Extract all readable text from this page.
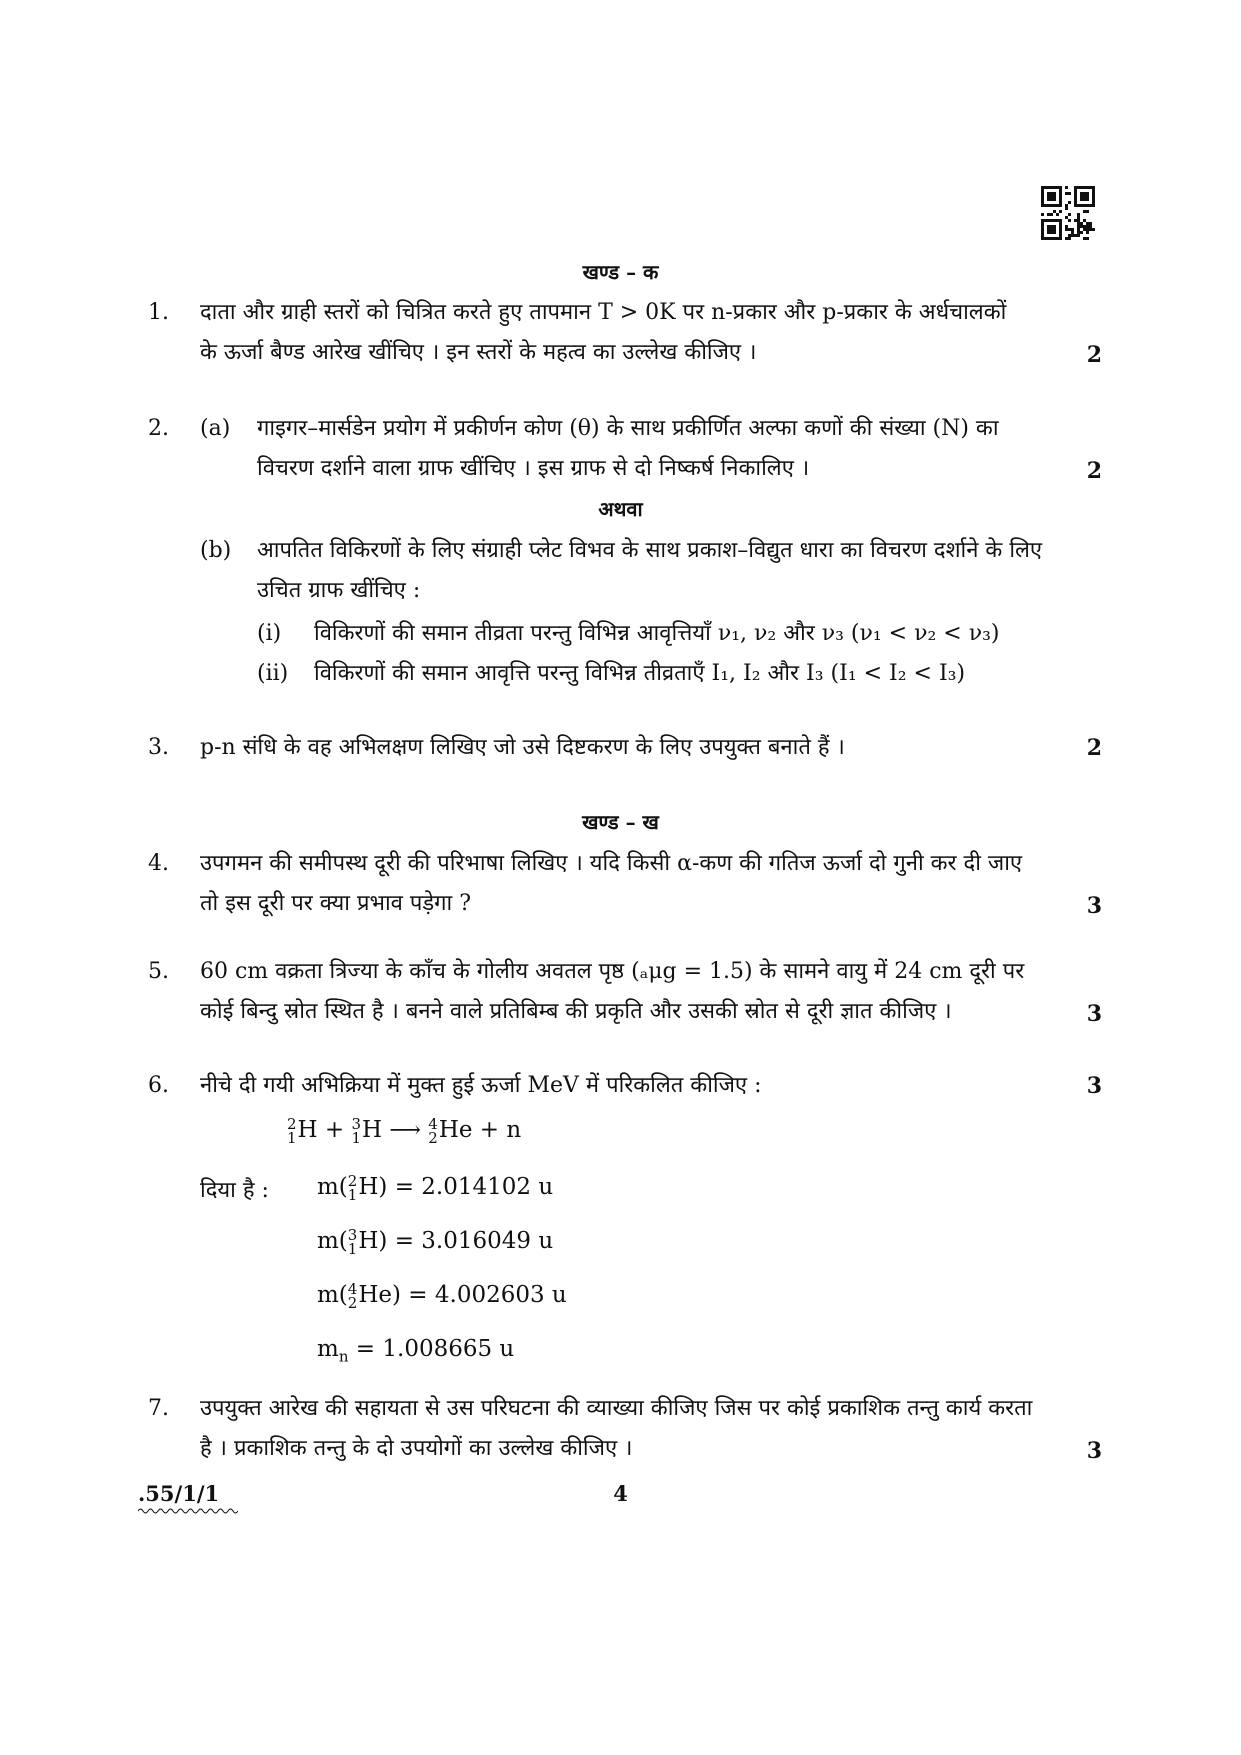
खण्ड – क
1. दाता और ग्राही स्तरों को चित्रित करते हुए तापमान T > 0K पर n-प्रकार और p-प्रकार के अर्धचालकों
के ऊर्जा बैण्ड आरेख खींचिए । इन स्तरों के महत्व का उल्लेख कीजिए ।	2
2. (a) गाइगर–मार्सडेन प्रयोग में प्रकीर्णन कोण (θ) के साथ प्रकीर्णित अल्फा कणों की संख्या (N) का
विचरण दर्शाने वाला ग्राफ खींचिए । इस ग्राफ से दो निष्कर्ष निकालिए ।	2
अथवा
(b) आपतित विकिरणों के लिए संग्राही प्लेट विभव के साथ प्रकाश–विद्युत धारा का विचरण दर्शाने के लिए
उचित ग्राफ खींचिए :
(i) विकिरणों की समान तीव्रता परन्तु विभिन्न आवृत्तियाँ ν₁, ν₂ और ν₃ (ν₁ < ν₂ < ν₃)
(ii) विकिरणों की समान आवृत्ति परन्तु विभिन्न तीव्रताएँ I₁, I₂ और I₃ (I₁ < I₂ < I₃)
3. p-n संधि के वह अभिलक्षण लिखिए जो उसे दिष्टकरण के लिए उपयुक्त बनाते हैं ।	2
खण्ड – ख
4. उपगमन की समीपस्थ दूरी की परिभाषा लिखिए । यदि किसी α-कण की गतिज ऊर्जा दो गुनी कर दी जाए
तो इस दूरी पर क्या प्रभाव पड़ेगा ?	3
5. 60 cm वक्रता त्रिज्या के काँच के गोलीय अवतल पृष्ठ (ₐμg = 1.5) के सामने वायु में 24 cm दूरी पर
कोई बिन्दु स्रोत स्थित है । बनने वाले प्रतिबिम्ब की प्रकृति और उसकी स्रोत से दूरी ज्ञात कीजिए ।	3
6. नीचे दी गयी अभिक्रिया में मुक्त हुई ऊर्जा MeV में परिकलित कीजिए :	3
2
1H + 3
1H ⟶ 4
2He + n
दिया है :	m(2
1H) = 2.014102 u
m(3
1H) = 3.016049 u
m(4
2He) = 4.002603 u
$m_n = 1.008665$ u
7. उपयुक्त आरेख की सहायता से उस परिघटना की व्याख्या कीजिए जिस पर कोई प्रकाशिक तन्तु कार्य करता
है । प्रकाशिक तन्तु के दो उपयोगों का उल्लेख कीजिए ।	3
.55/1/1	4
